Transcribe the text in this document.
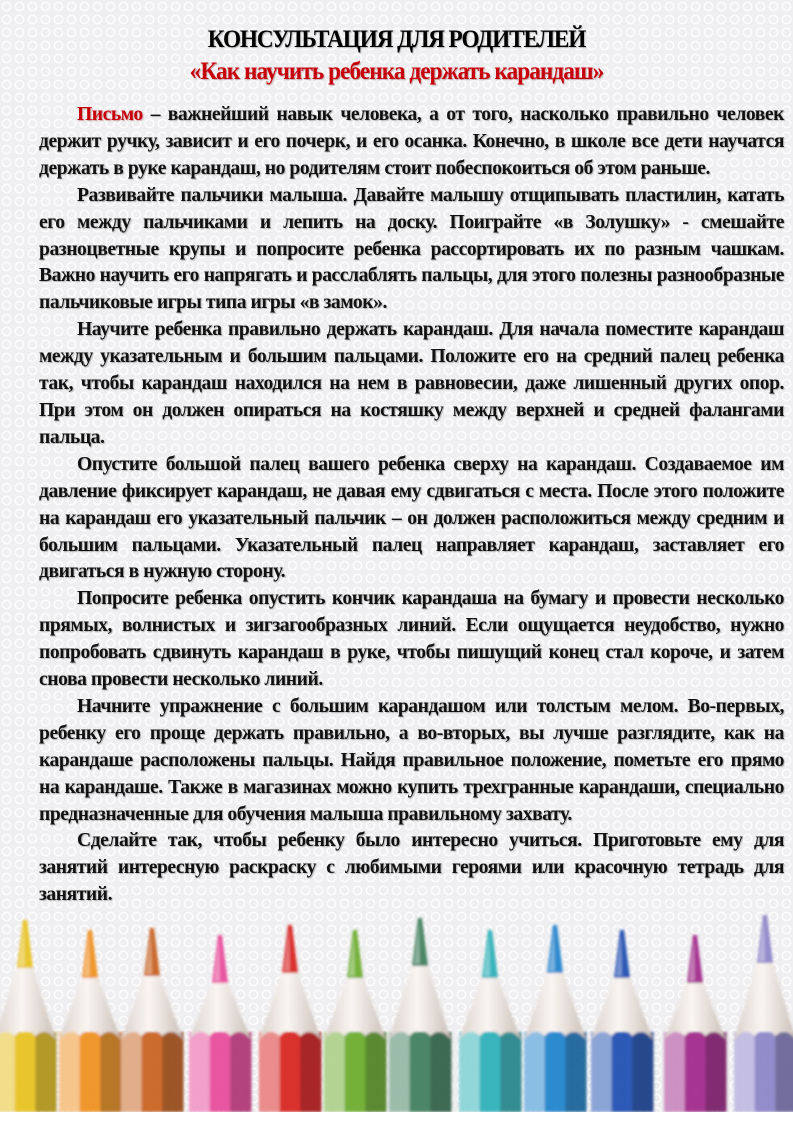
КОНСУЛЬТАЦИЯ ДЛЯ РОДИТЕЛЕЙ
«Как научить ребенка держать карандаш»

Письмо – важнейший навык человека, а от того, насколько правильно человек держит ручку, зависит и его почерк, и его осанка. Конечно, в школе все дети научатся держать в руке карандаш, но родителям стоит побеспокоиться об этом раньше.

Развивайте пальчики малыша. Давайте малышу отщипывать пластилин, катать его между пальчиками и лепить на доску. Поиграйте «в Золушку» - смешайте разноцветные крупы и попросите ребенка рассортировать их по разным чашкам. Важно научить его напрягать и расслаблять пальцы, для этого полезны разнообразные пальчиковые игры типа игры «в замок».

Научите ребенка правильно держать карандаш. Для начала поместите карандаш между указательным и большим пальцами. Положите его на средний палец ребенка так, чтобы карандаш находился на нем в равновесии, даже лишенный других опор. При этом он должен опираться на костяшку между верхней и средней фалангами пальца.

Опустите большой палец вашего ребенка сверху на карандаш. Создаваемое им давление фиксирует карандаш, не давая ему сдвигаться с места. После этого положите на карандаш его указательный пальчик – он должен расположиться между средним и большим пальцами. Указательный палец направляет карандаш, заставляет его двигаться в нужную сторону.

Попросите ребенка опустить кончик карандаша на бумагу и провести несколько прямых, волнистых и зигзагообразных линий. Если ощущается неудобство, нужно попробовать сдвинуть карандаш в руке, чтобы пишущий конец стал короче, и затем снова провести несколько линий.

Начните упражнение с большим карандашом или толстым мелом. Во-первых, ребенку его проще держать правильно, а во-вторых, вы лучше разглядите, как на карандаше расположены пальцы. Найдя правильное положение, пометьте его прямо на карандаше. Также в магазинах можно купить трехгранные карандаши, специально предназначенные для обучения малыша правильному захвату.

Сделайте так, чтобы ребенку было интересно учиться. Приготовьте ему для занятий интересную раскраску с любимыми героями или красочную тетрадь для занятий.
